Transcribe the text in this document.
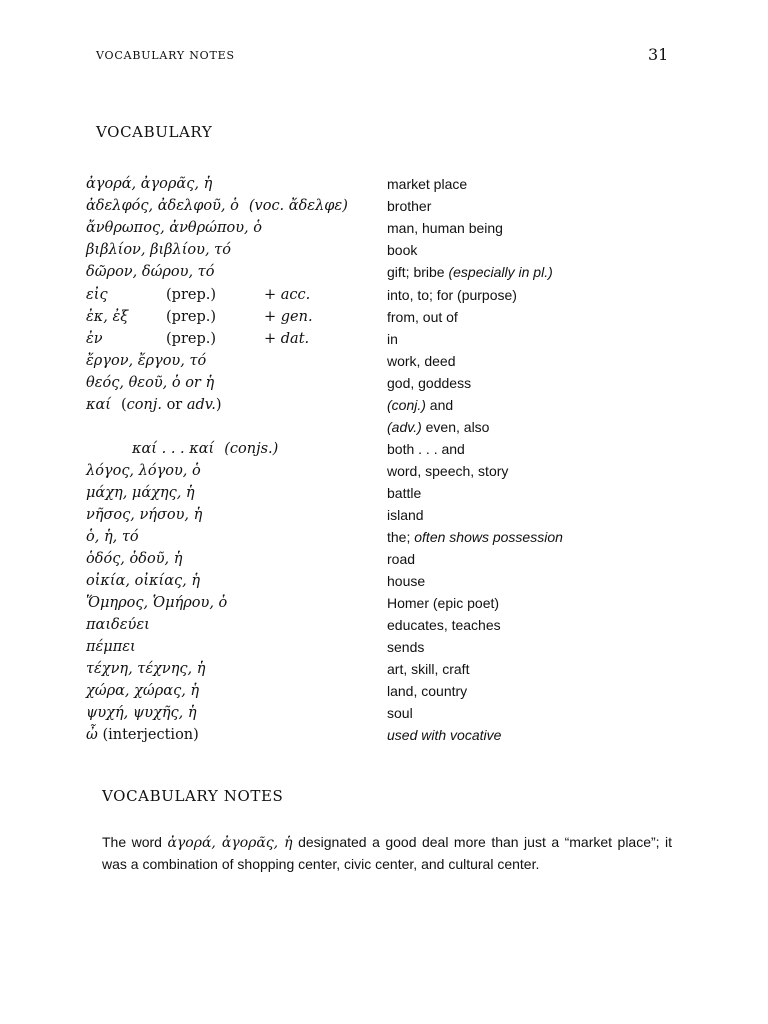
VOCABULARY NOTES	31
VOCABULARY
ἀγορά, ἀγορᾶς, ἡ	market place
ἀδελφός, ἀδελφοῦ, ὁ (voc. ἄδελφε)	brother
ἄνθρωπος, ἀνθρώπου, ὁ	man, human being
βιβλίον, βιβλίου, τό	book
δῶρον, δώρου, τό	gift; bribe (especially in pl.)
εἰς	(prep.)	+ acc.	into, to; for (purpose)
ἐκ, ἐξ	(prep.)	+ gen.	from, out of
ἐν	(prep.)	+ dat.	in
ἔργον, ἔργου, τό	work, deed
θεός, θεοῦ, ὁ or ἡ	god, goddess
καί (conj. or adv.)	(conj.) and
(adv.) even, also
καί . . . καί (conjs.)	both . . . and
λόγος, λόγου, ὁ	word, speech, story
μάχη, μάχης, ἡ	battle
νῆσος, νήσου, ἡ	island
ὁ, ἡ, τό	the; often shows possession
ὁδός, ὁδοῦ, ἡ	road
οἰκία, οἰκίας, ἡ	house
Ὅμηρος, Ὁμήρου, ὁ	Homer (epic poet)
παιδεύει	educates, teaches
πέμπει	sends
τέχνη, τέχνης, ἡ	art, skill, craft
χώρα, χώρας, ἡ	land, country
ψυχή, ψυχῆς, ἡ	soul
ὦ (interjection)	used with vocative
VOCABULARY NOTES
The word ἀγορά, ἀγορᾶς, ἡ designated a good deal more than just a “market place”; it was a combination of shopping center, civic center, and cultural center.
